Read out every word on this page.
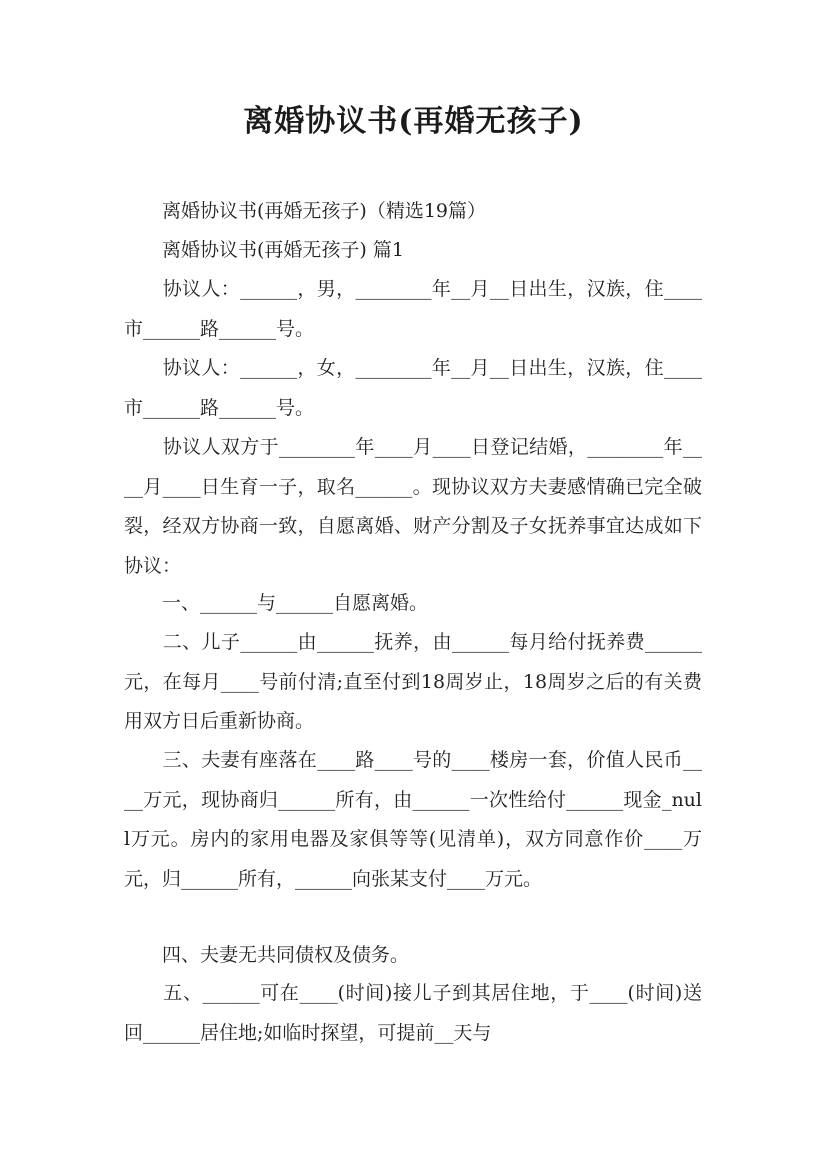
离婚协议书(再婚无孩子)
　　离婚协议书(再婚无孩子)（精选19篇）
　　离婚协议书(再婚无孩子) 篇1
　　协议人：______，男，________年__月__日出生，汉族，住____市______路______号。
　　协议人：______，女，________年__月__日出生，汉族，住____市______路______号。
　　协议人双方于________年____月____日登记结婚，________年____月____日生育一子，取名______。现协议双方夫妻感情确已完全破裂，经双方协商一致，自愿离婚、财产分割及子女抚养事宜达成如下协议：
　　一、______与______自愿离婚。
　　二、儿子______由______抚养，由______每月给付抚养费______元，在每月____号前付清;直至付到18周岁止，18周岁之后的有关费用双方日后重新协商。
　　三、夫妻有座落在____路____号的____楼房一套，价值人民币____万元，现协商归______所有，由______一次性给付______现金_null万元。房内的家用电器及家俱等等(见清单)，双方同意作价____万元，归______所有，______向张某支付____万元。
　　四、夫妻无共同债权及债务。
　　五、______可在____(时间)接儿子到其居住地，于____(时间)送回______居住地;如临时探望，可提前__天与
